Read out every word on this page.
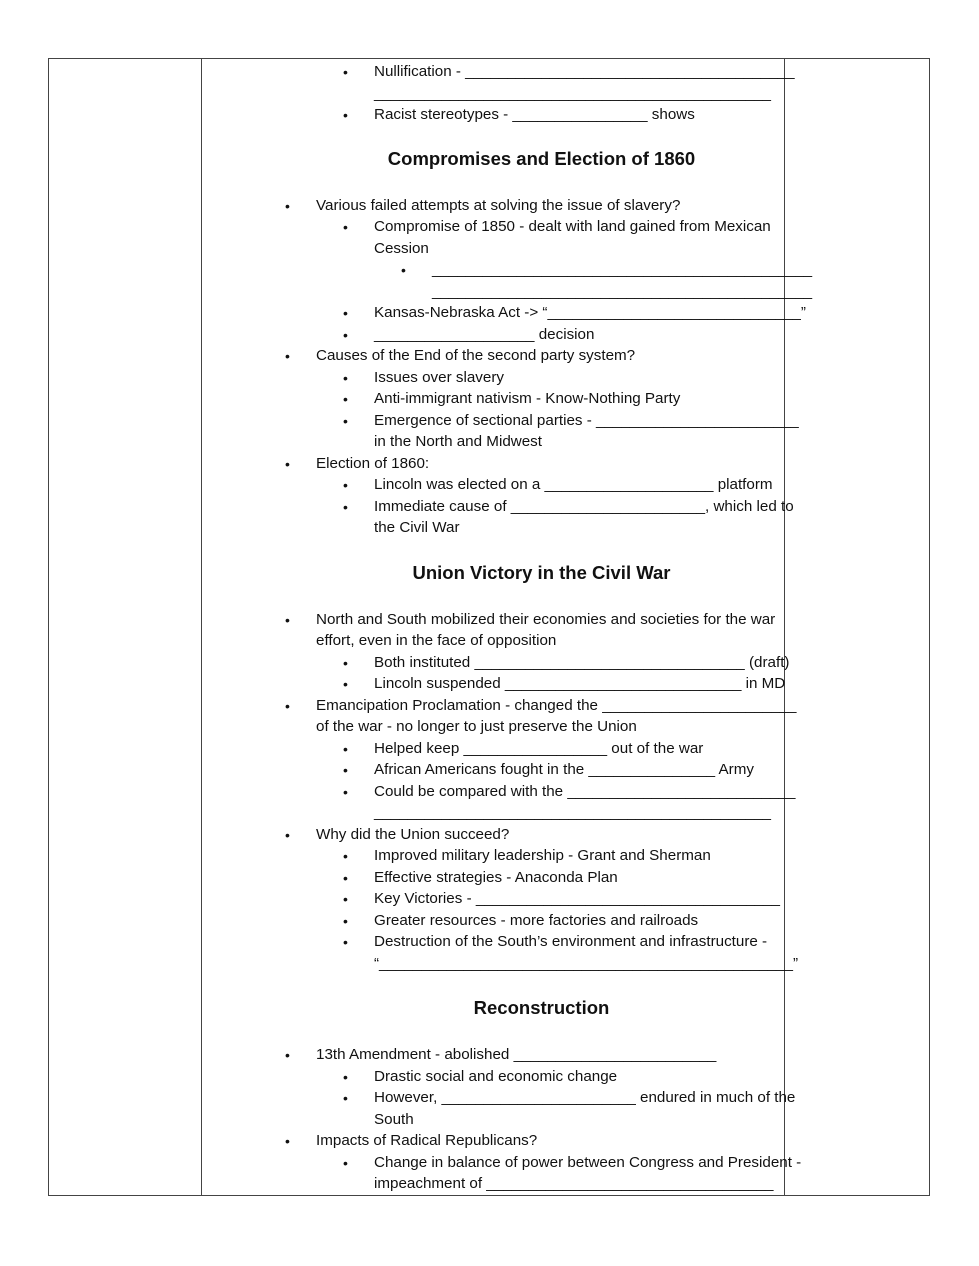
• Nullification - _______________________________________
_______________________________________________
• Racist stereotypes - ________________ shows
Compromises and Election of 1860
• Various failed attempts at solving the issue of slavery?
• Compromise of 1850 - dealt with land gained from Mexican
Cession
• _____________________________________________
_____________________________________________
• Kansas-Nebraska Act -> “______________________________”
• ___________________ decision
• Causes of the End of the second party system?
• Issues over slavery
• Anti-immigrant nativism - Know-Nothing Party
• Emergence of sectional parties - ________________________
in the North and Midwest
• Election of 1860:
• Lincoln was elected on a ____________________ platform
• Immediate cause of _______________________, which led to
the Civil War
Union Victory in the Civil War
• North and South mobilized their economies and societies for the war
effort, even in the face of opposition
• Both instituted ________________________________ (draft)
• Lincoln suspended ____________________________ in MD
• Emancipation Proclamation - changed the _______________________
of the war - no longer to just preserve the Union
• Helped keep _________________ out of the war
• African Americans fought in the _______________ Army
• Could be compared with the ___________________________
_______________________________________________
• Why did the Union succeed?
• Improved military leadership - Grant and Sherman
• Effective strategies - Anaconda Plan
• Key Victories - ____________________________________
• Greater resources - more factories and railroads
• Destruction of the South’s environment and infrastructure -
“_________________________________________________”
Reconstruction
• 13th Amendment - abolished ________________________
• Drastic social and economic change
• However, _______________________ endured in much of the
South
• Impacts of Radical Republicans?
• Change in balance of power between Congress and President -
impeachment of __________________________________
